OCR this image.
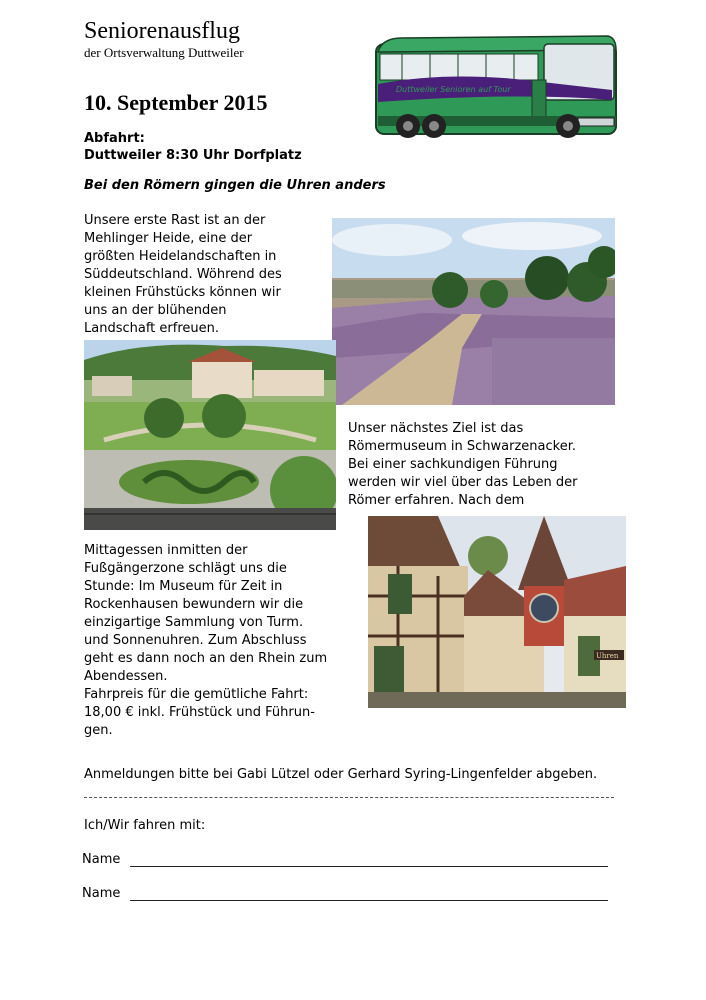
Seniorenausflug
der Ortsverwaltung Duttweiler
10. September 2015
Abfahrt:
Duttweiler 8:30 Uhr Dorfplatz
Bei den Römern gingen die Uhren anders
Duttweiler Senioren auf Tour
Unsere erste Rast ist an der
Mehlinger Heide, eine der
größten Heidelandschaften in
Süddeutschland. Wöhrend des
kleinen Frühstücks können wir
uns an der blühenden
Landschaft erfreuen.
Unser nächstes Ziel ist das
Römermuseum in Schwarzenacker.
Bei einer sachkundigen Führung
werden wir viel über das Leben der
Römer erfahren. Nach dem
Uhren
Mittagessen inmitten der
Fußgängerzone schlägt uns die
Stunde: Im Museum für Zeit in
Rockenhausen bewundern wir die
einzigartige Sammlung von Turm.
und Sonnenuhren. Zum Abschluss
geht es dann noch an den Rhein zum
Abendessen.
Fahrpreis für die gemütliche Fahrt:
18,00 € inkl. Frühstück und Führun-
gen.
Anmeldungen bitte bei Gabi Lützel oder Gerhard Syring-Lingenfelder abgeben.
Ich/Wir fahren mit:
Name
Name
